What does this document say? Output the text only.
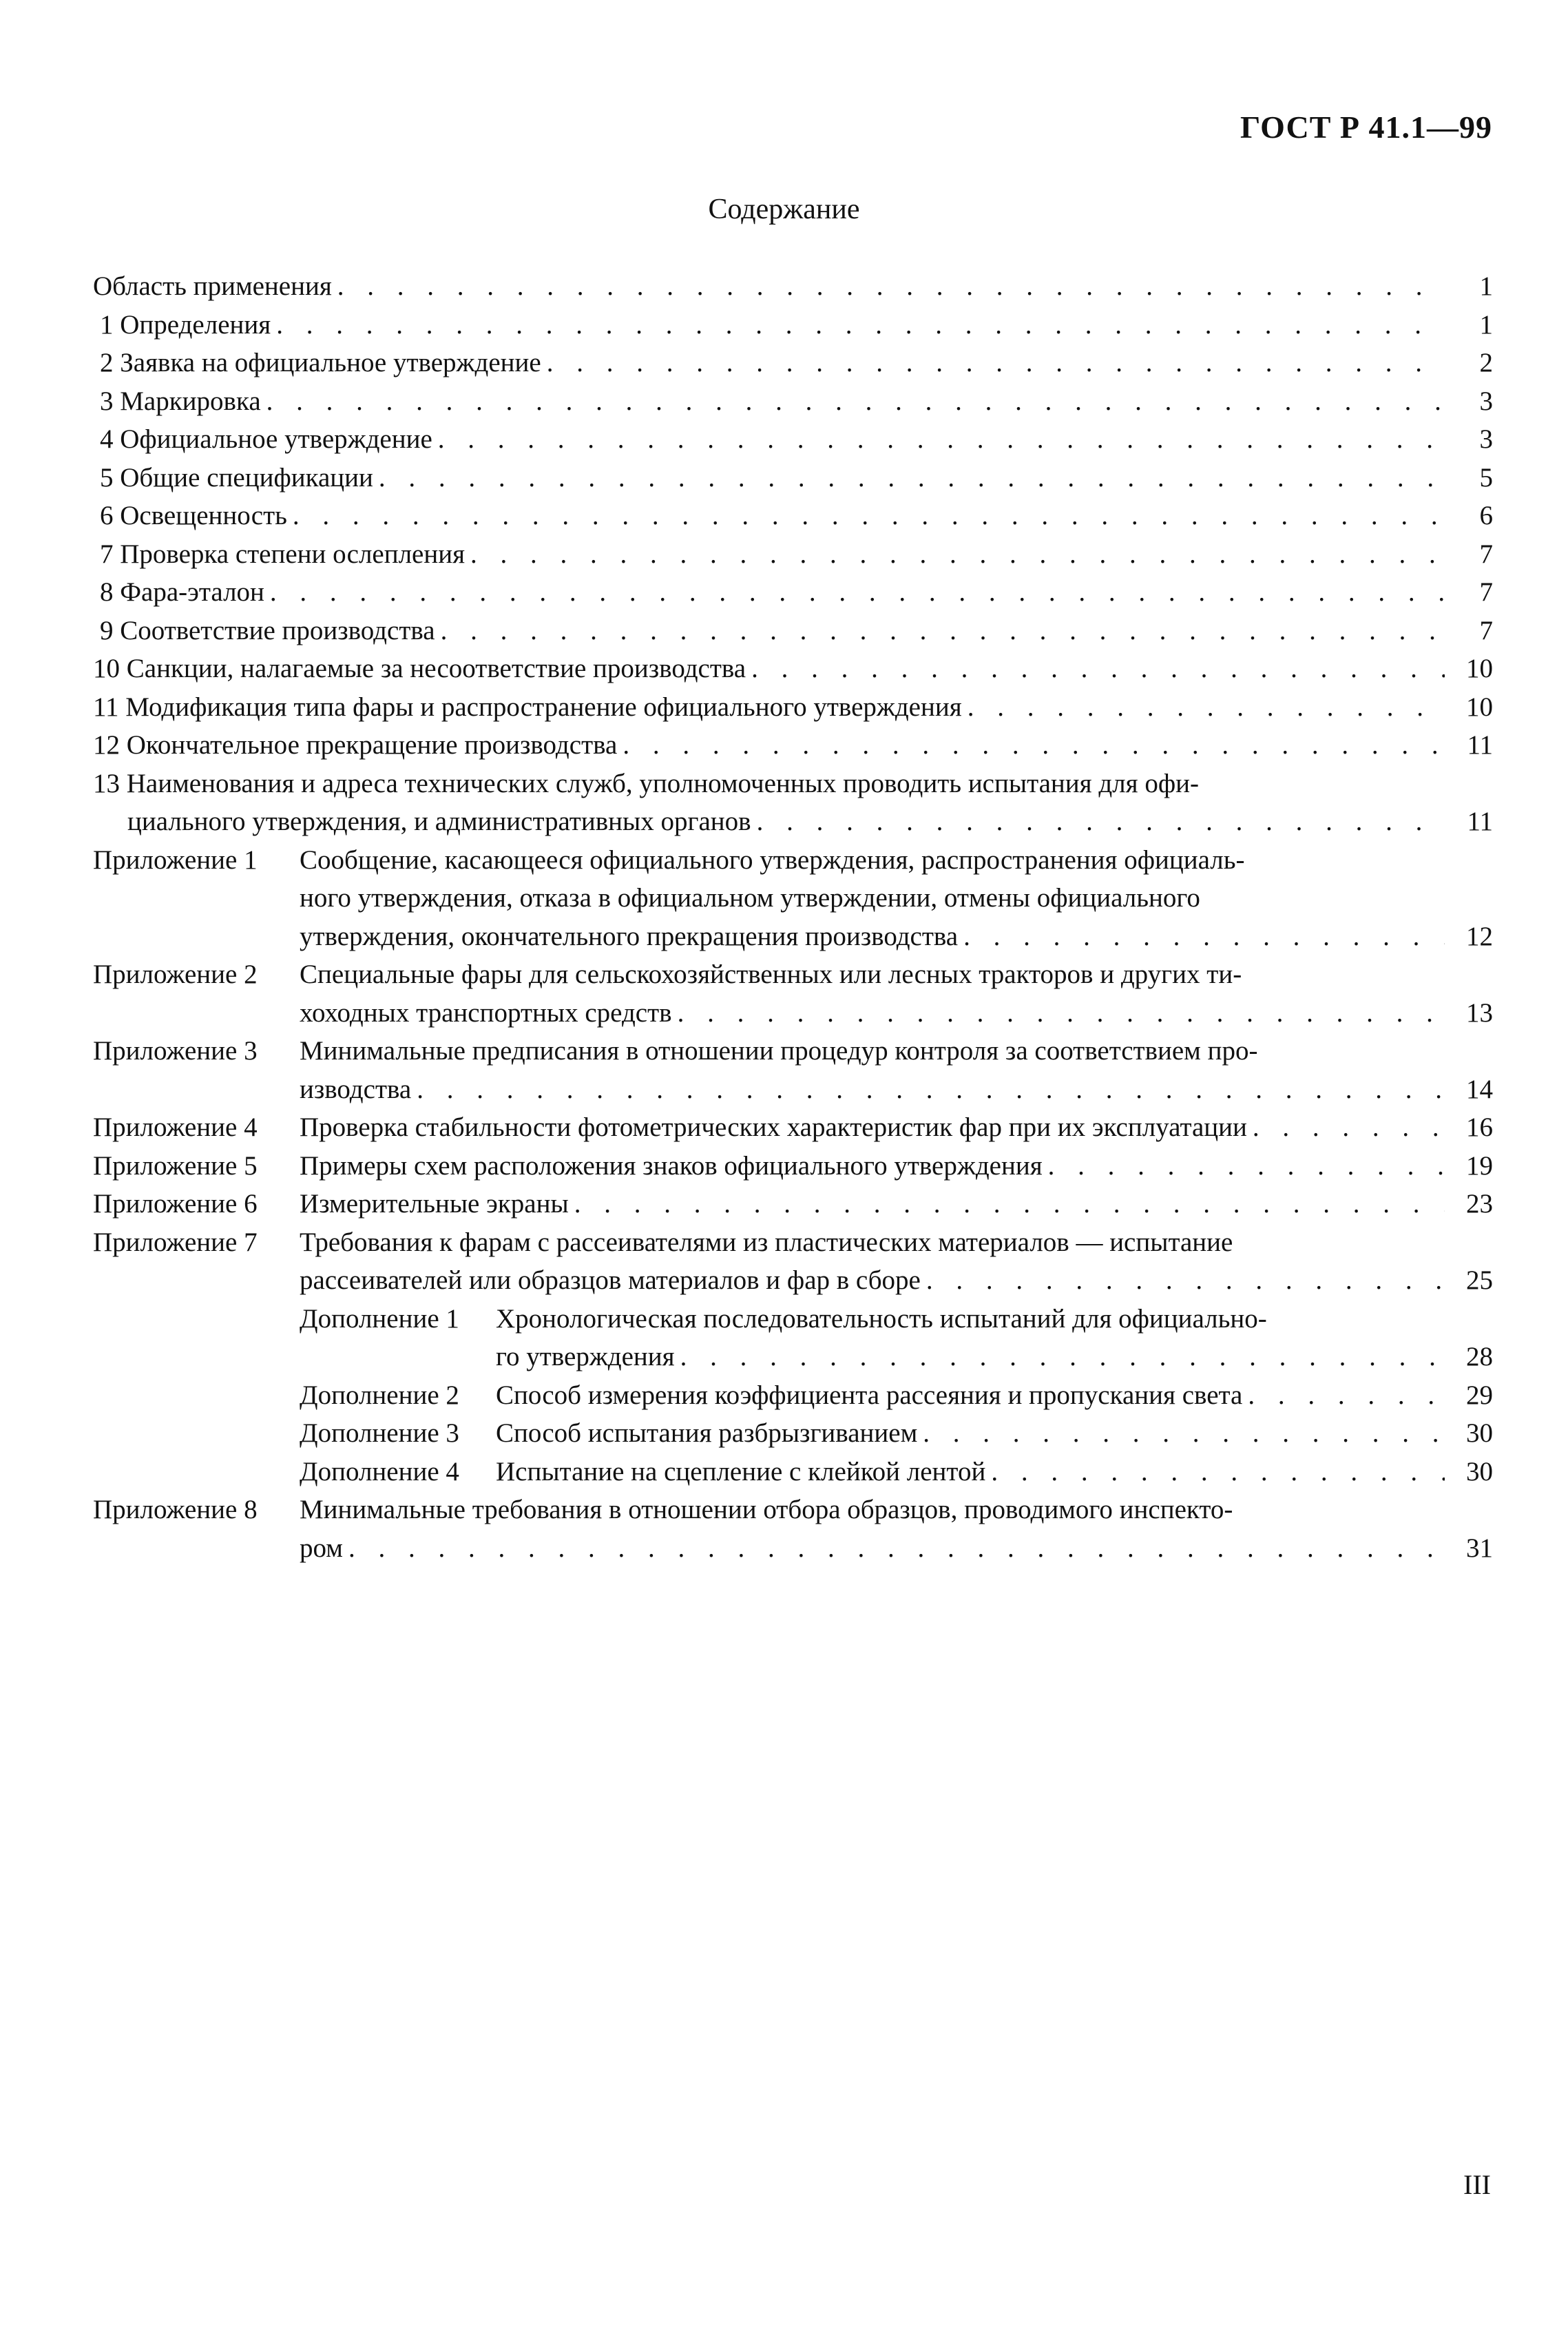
ГОСТ Р 41.1—99
Содержание
Область применения . . .	1
1 Определения . . .	1
2 Заявка на официальное утверждение . . .	2
3 Маркировка . . .	3
4 Официальное утверждение . . .	3
5 Общие спецификации . . .	5
6 Освещенность . . .	6
7 Проверка степени ослепления . . .	7
8 Фара-эталон . . .	7
9 Соответствие производства . . .	7
10 Санкции, налагаемые за несоответствие производства . . .	10
11 Модификация типа фары и распространение официального утверждения . . .	10
12 Окончательное прекращение производства . . .	11
13 Наименования и адреса технических служб, уполномоченных проводить испытания для офи-
циального утверждения, и административных органов . . .	11
Приложение 1	Сообщение, касающееся официального утверждения, распространения официаль-
ного утверждения, отказа в официальном утверждении, отмены официального
утверждения, окончательного прекращения производства . . .	12
Приложение 2	Специальные фары для сельскохозяйственных или лесных тракторов и других ти-
хоходных транспортных средств . . .	13
Приложение 3	Минимальные предписания в отношении процедур контроля за соответствием про-
изводства . . .	14
Приложение 4	Проверка стабильности фотометрических характеристик фар при их эксплуатации . . .	16
Приложение 5	Примеры схем расположения знаков официального утверждения . . .	19
Приложение 6	Измерительные экраны . . .	23
Приложение 7	Требования к фарам с рассеивателями из пластических материалов — испытание
рассеивателей или образцов материалов и фар в сборе . . .	25
Дополнение 1	Хронологическая последовательность испытаний для официально-
го утверждения . . .	28
Дополнение 2	Способ измерения коэффициента рассеяния и пропускания света . . .	29
Дополнение 3	Способ испытания разбрызгиванием . . .	30
Дополнение 4	Испытание на сцепление с клейкой лентой . . .	30
Приложение 8	Минимальные требования в отношении отбора образцов, проводимого инспекто-
ром . . .	31
III
